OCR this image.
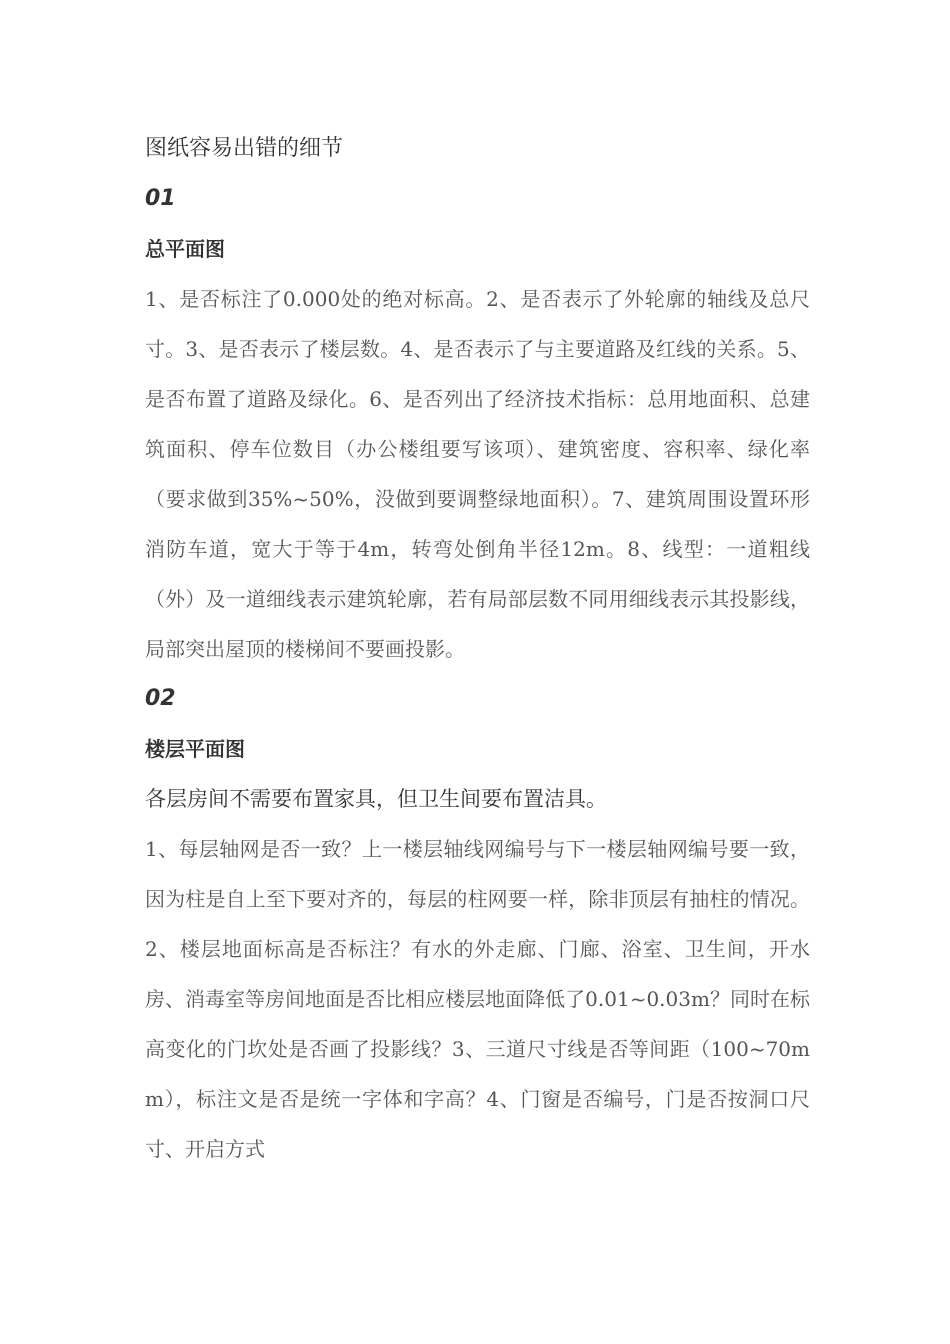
图纸容易出错的细节
01
总平面图

1、是否标注了0.000处的绝对标高。2、是否表示了外轮廓的轴线及总尺寸。3、是否表示了楼层数。4、是否表示了与主要道路及红线的关系。5、是否布置了道路及绿化。6、是否列出了经济技术指标：总用地面积、总建筑面积、停车位数目（办公楼组要写该项）、建筑密度、容积率、绿化率（要求做到35%~50%，没做到要调整绿地面积）。7、建筑周围设置环形消防车道，宽大于等于4m，转弯处倒角半径12m。8、线型：一道粗线（外）及一道细线表示建筑轮廓，若有局部层数不同用细线表示其投影线，局部突出屋顶的楼梯间不要画投影。

02
楼层平面图

各层房间不需要布置家具，但卫生间要布置洁具。

1、每层轴网是否一致？上一楼层轴线网编号与下一楼层轴网编号要一致，因为柱是自上至下要对齐的，每层的柱网要一样，除非顶层有抽柱的情况。2、楼层地面标高是否标注？有水的外走廊、门廊、浴室、卫生间，开水房、消毒室等房间地面是否比相应楼层地面降低了0.01~0.03m？同时在标高变化的门坎处是否画了投影线？3、三道尺寸线是否等间距（100~70mm），标注文是否是统一字体和字高？4、门窗是否编号，门是否按洞口尺寸、开启方式
